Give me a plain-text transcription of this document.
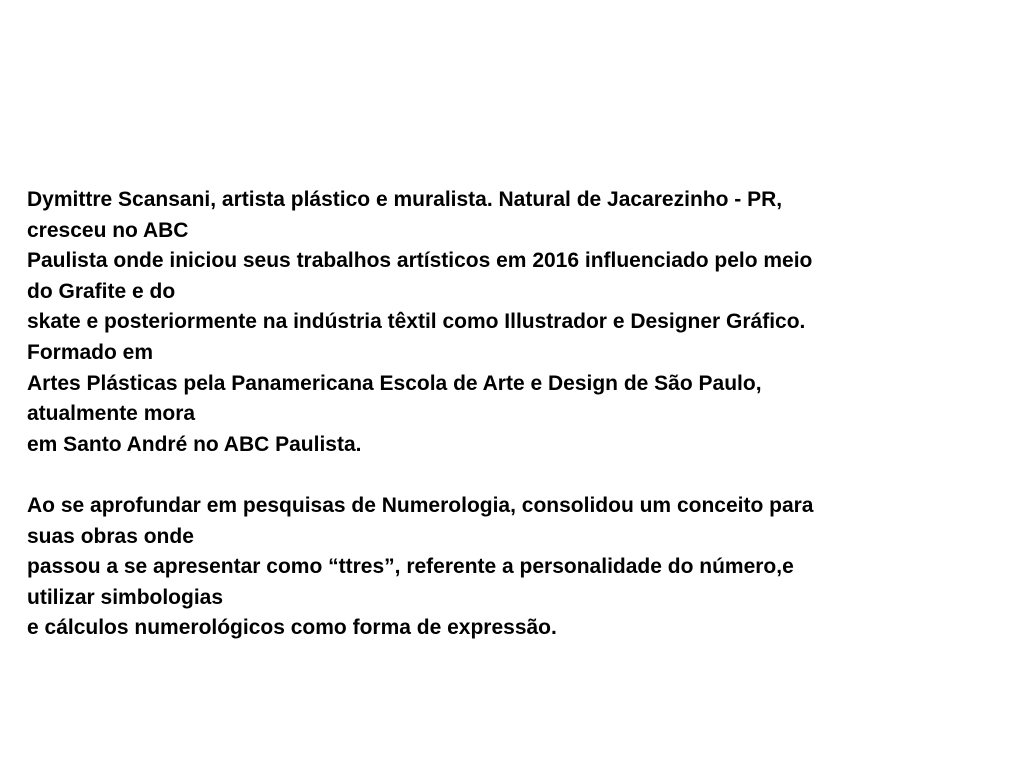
Dymittre Scansani, artista plástico e muralista. Natural de Jacarezinho - PR,
cresceu no ABC
Paulista onde iniciou seus trabalhos artísticos em 2016 influenciado pelo meio
do Grafite e do
skate e posteriormente na indústria têxtil como Illustrador e Designer Gráfico.
Formado em
Artes Plásticas pela Panamericana Escola de Arte e Design de São Paulo,
atualmente mora
em Santo André no ABC Paulista.
Ao se aprofundar em pesquisas de Numerologia, consolidou um conceito para
suas obras onde
passou a se apresentar como “ttres”, referente a personalidade do número,e
utilizar simbologias
e cálculos numerológicos como forma de expressão.
